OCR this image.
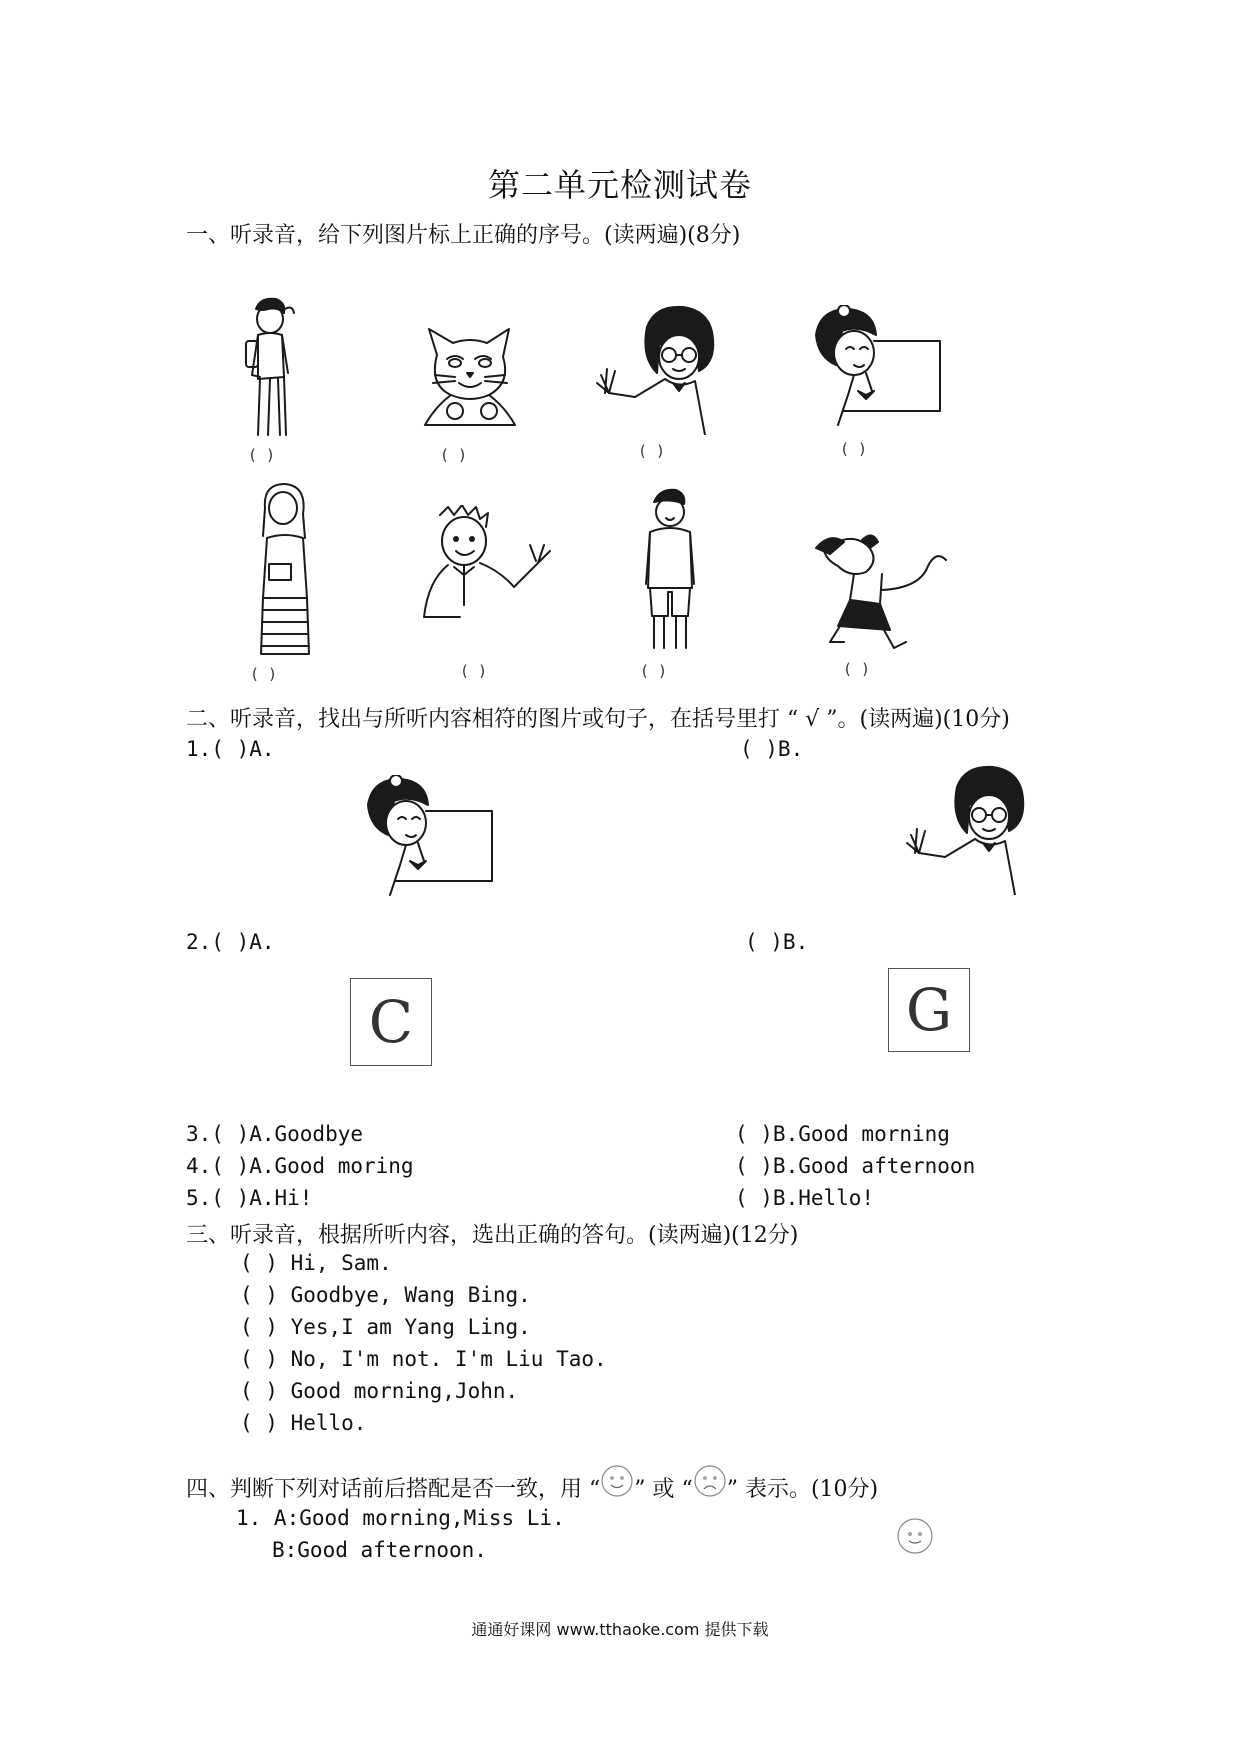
第二单元检测试卷
一、听录音，给下列图片标上正确的序号。(读两遍)(8分)
( )	( )	( )	( )
( )	( )	( )	( )
二、听录音，找出与所听内容相符的图片或句子，在括号里打 “ √ ”。(读两遍)(10分)
1.( )A.	( )B.
2.( )A.	( )B.
C	G
3.( )A.Goodbye	( )B.Good morning
4.( )A.Good moring	( )B.Good afternoon
5.( )A.Hi!	( )B.Hello!
三、听录音，根据所听内容，选出正确的答句。(读两遍)(12分)
( ) Hi, Sam.
( ) Goodbye, Wang Bing.
( ) Yes,I am Yang Ling.
( ) No, I'm not. I'm Liu Tao.
( ) Good morning,John.
( ) Hello.
四、判断下列对话前后搭配是否一致，用 “ ” 或 “ ” 表示。(10分)
1. A:Good morning,Miss Li.
B:Good afternoon.
通通好课网 www.tthaoke.com 提供下载
